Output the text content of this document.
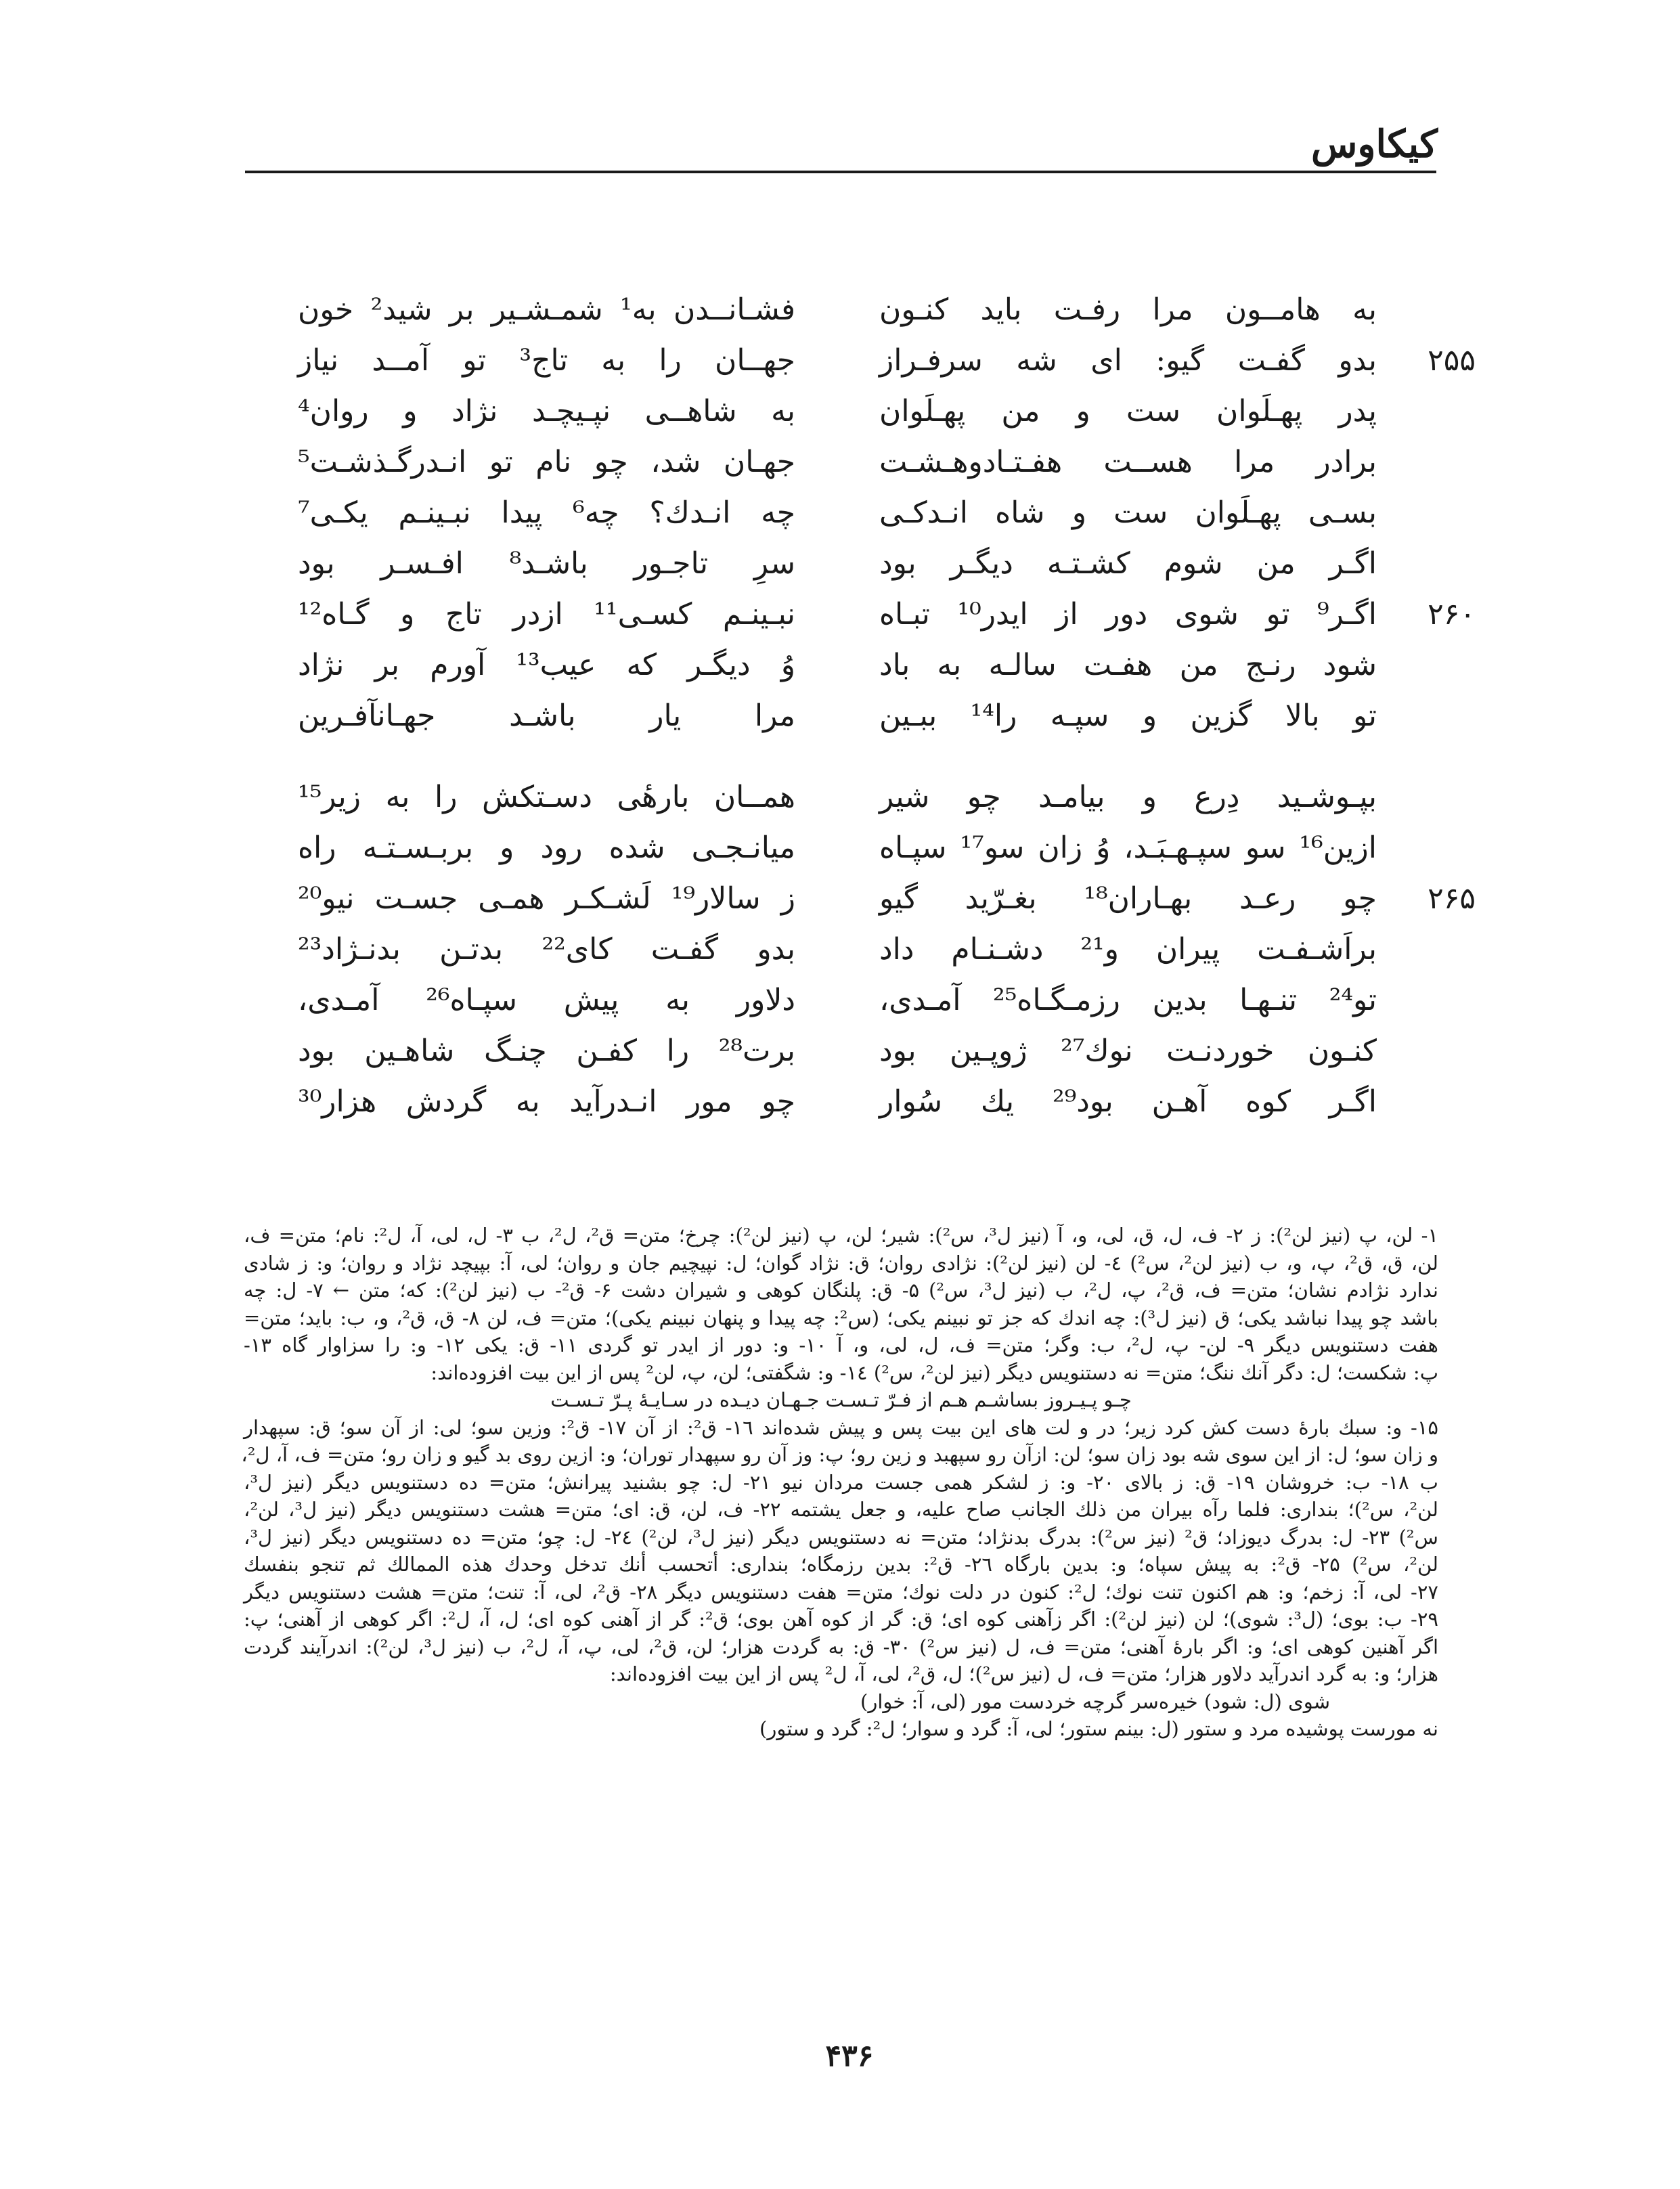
کیکاوس
به هامــون مرا رفـت باید کنـون
فشـانــدن به¹ شمـشـیر بر شید² خون
۲۵۵
بدو گفـت گیو: ای شه سرفـراز
جهــان را به تاج³ تو آمــد نیاز
پدر پهـلَوان ست و من پهـلَوان
به شاهــی نپـیچـد نژاد و روان⁴
برادر مرا هســت هفـتـادوهـشـت
جهـان شد، چو نام تو انـدرگـذشـت⁵
بسـی پهـلَوان ست و شاه انـدکـی
چه انـدك؟ چه⁶ پیدا نبـینـم یکـی⁷
اگـر من شوم کشـتـه دیگـر بود
سرِ تاجـور باشـد⁸ افـسـر بود
۲۶۰
اگـر⁹ تو شوی دور از ایدر¹⁰ تبـاه
نبـینـم کسـی¹¹ ازدر تاج و گـاه¹²
شود رنـج من هفـت سالـه به باد
وُ دیگـر که عیب¹³ آورم بر نژاد
تو بالا گزین و سپـه را¹⁴ ببـین
مرا یار باشـد جهـانآفـرین
بپـوشـید دِرع و بیامـد چو شیر
همــان بارهٔی دسـتکش را به زیر¹⁵
ازین¹⁶ سو سپـهـبَـد، وُ زان سو¹⁷ سپـاه
میانـجـی شده رود و بربـسـتـه راه
۲۶۵
چو رعـد بهـاران¹⁸ بغـرّید گیو
ز سالار¹⁹ لَشـکـر همـی جسـت نیو²⁰
براَشـفـت پیران و²¹ دشـنـام داد
بدو گفـت کای²² بدتـن بدنـژاد²³
تو²⁴ تنـهـا بدین رزمـگـاه²⁵ آمـدی،
دلاور به پیش سپـاه²⁶ آمـدی،
کنـون خوردنـت نوك²⁷ ژوپـین بود
برت²⁸ را کفـن چنـگ شاهـین بود
اگـر کوه آهـن بود²⁹ یك سُوار
چو مور انـدرآید به گردش هزار³⁰
۱- لن، پ (نیز لن²): ز ۲- ف، ل، ق، لی، و، آ (نیز ل³، س²): شیر؛ لن، پ (نیز لن²): چرخ؛ متن= ق²، ل²، ب ۳- ل، لی، آ، ل²: نام؛ متن= ف،
لن، ق، ق²، پ، و، ب (نیز لن²، س²) ٤- لن (نیز لن²): نژادی روان؛ ق: نژاد گوان؛ ل: نپیچیم جان و روان؛ لی، آ: بپیچد نژاد و روان؛ و: ز شادی
ندارد نژادم نشان؛ متن= ف، ق²، پ، ل²، ب (نیز ل³، س²) ۵- ق: پلنگان کوهی و شیران دشت ۶- ق²- ب (نیز لن²): که؛ متن ← ۷- ل: چه
باشد چو پیدا نباشد یکی؛ ق (نیز ل³): چه اندك که جز تو نبینم یکی؛ (س²: چه پیدا و پنهان نبینم یکی)؛ متن= ف، لن ۸- ق، ق²، و، ب: باید؛ متن=
هفت دستنویس دیگر ۹- لن- پ، ل²، ب: وگر؛ متن= ف، ل، لی، و، آ ۱۰- و: دور از ایدر تو گردی ۱۱- ق: یکی ۱۲- و: را سزاوار گاه ۱۳-
پ: شکست؛ ل: دگر آنك ننگ؛ متن= نه دستنویس دیگر (نیز لن²، س²) ۱٤- و: شگفتی؛ لن، پ، لن² پس از این بیت افزوده‌اند:
چـو پـیـروز بساشـم هـم از فـرّ تـسـت جـهـان دیـده در سـایـهٔ پـرّ تـسـت
۱۵- و: سبك بارهٔ دست کش کرد زیر؛ در و لت های این بیت پس و پیش شده‌اند ۱٦- ق²: از آن ۱۷- ق²: وزین سو؛ لی: از آن سو؛ ق: سپهدار
و زان سو؛ ل: از این سوی شه بود زان سو؛ لن: ازآن رو سپهبد و زین رو؛ پ: وز آن رو سپهدار توران؛ و: ازین روی بد گیو و زان رو؛ متن= ف، آ، ل²،
ب ۱۸- ب: خروشان ۱۹- ق: ز بالای ۲۰- و: ز لشکر همی جست مردان نیو ۲۱- ل: چو بشنید پیرانش؛ متن= ده دستنویس دیگر (نیز ل³،
لن²، س²)؛ بنداری: فلما رآه بیران من ذلك الجانب صاح علیه، و جعل یشتمه ۲۲- ف، لن، ق: ای؛ متن= هشت دستنویس دیگر (نیز ل³، لن²،
س²) ۲۳- ل: بدرگ دیوزاد؛ ق² (نیز س²): بدرگ بدنژاد؛ متن= نه دستنویس دیگر (نیز ل³، لن²) ۲٤- ل: چو؛ متن= ده دستنویس دیگر (نیز ل³،
لن²، س²) ۲۵- ق²: به پیش سپاه؛ و: بدین بارگاه ۲٦- ق²: بدین رزمگاه؛ بنداری: أتحسب أنك تدخل وحدك هذه الممالك ثم تنجو بنفسك
۲۷- لی، آ: زخم؛ و: هم اکنون تنت نوك؛ ل²: کنون در دلت نوك؛ متن= هفت دستنویس دیگر ۲۸- ق²، لی، آ: تنت؛ متن= هشت دستنویس دیگر
۲۹- ب: بوی؛ (ل³: شوی)؛ لن (نیز لن²): اگر زآهنی کوه ای؛ ق: گر از کوه آهن بوی؛ ق²: گر از آهنی کوه ای؛ ل، آ، ل²: اگر کوهی از آهنی؛ پ:
اگر آهنین کوهی ای؛ و: اگر بارهٔ آهنی؛ متن= ف، ل (نیز س²) ۳۰- ق: به گردت هزار؛ لن، ق²، لی، پ، آ، ل²، ب (نیز ل³، لن²): اندرآیند گردت
هزار؛ و: به گرد اندرآید دلاور هزار؛ متن= ف، ل (نیز س²)؛ ل، ق²، لی، آ، ل² پس از این بیت افزوده‌اند:
شوی (ل: شود) خیره‌سر گرچه خردست مور (لی، آ: خوار)
نه مورست پوشیده مرد و ستور (ل: بینم ستور؛ لی، آ: گرد و سوار؛ ل²: گرد و ستور)
۴۳۶
